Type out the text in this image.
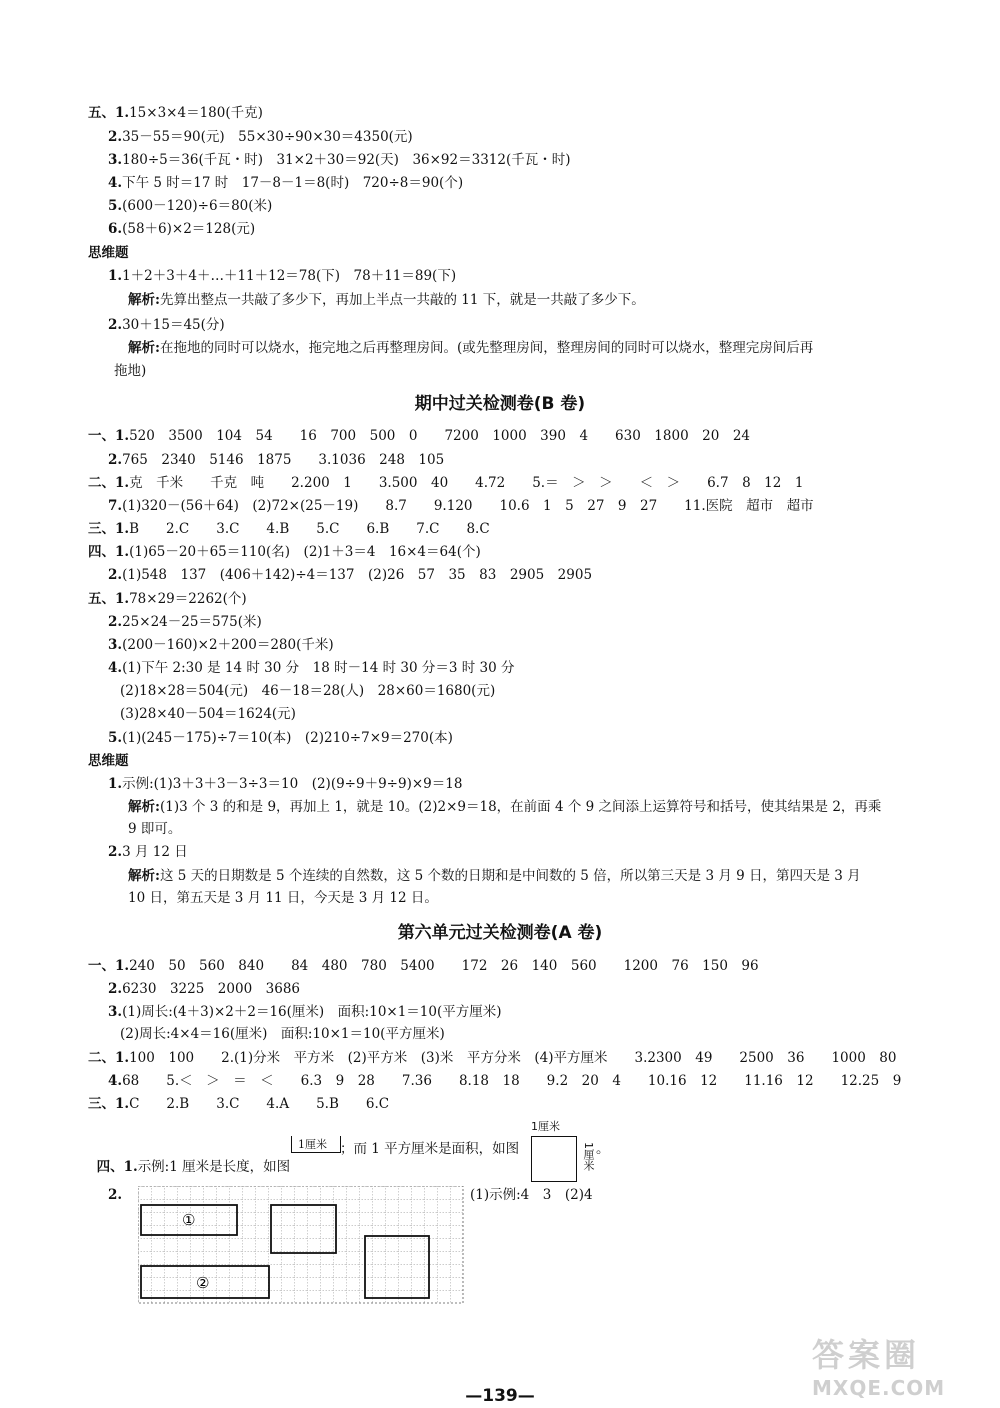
五、1.15×3×4＝180(千克)
2.35－55＝90(元)　55×30÷90×30＝4350(元)
3.180÷5＝36(千瓦・时)　31×2＋30＝92(天)　36×92＝3312(千瓦・时)
4.下午 5 时＝17 时　17－8－1＝8(时)　720÷8＝90(个)
5.(600－120)÷6＝80(米)
6.(58＋6)×2＝128(元)
思维题
1.1＋2＋3＋4＋…＋11＋12＝78(下)　78＋11＝89(下)
解析:先算出整点一共敲了多少下，再加上半点一共敲的 11 下，就是一共敲了多少下。
2.30＋15＝45(分)
解析:在拖地的同时可以烧水，拖完地之后再整理房间。(或先整理房间，整理房间的同时可以烧水，整理完房间后再
拖地)
期中过关检测卷(B 卷)
一、1.520　3500　104　54　　16　700　500　0　　7200　1000　390　4　　630　1800　20　24
2.765　2340　5146　1875　　3.1036　248　105
二、1.克　千米　　千克　吨　　2.200　1　　3.500　40　　4.72　　5.＝　＞　＞　　＜　＞　　6.7　8　12　1
7.(1)320－(56＋64)　(2)72×(25－19)　　8.7　　9.120　　10.6　1　5　27　9　27　　11.医院　超市　超市
三、1.B　　2.C　　3.C　　4.B　　5.C　　6.B　　7.C　　8.C
四、1.(1)65－20＋65＝110(名)　(2)1＋3＝4　16×4＝64(个)
2.(1)548　137　(406＋142)÷4＝137　(2)26　57　35　83　2905　2905
五、1.78×29＝2262(个)
2.25×24－25＝575(米)
3.(200－160)×2＋200＝280(千米)
4.(1)下午 2:30 是 14 时 30 分　18 时－14 时 30 分＝3 时 30 分
(2)18×28＝504(元)　46－18＝28(人)　28×60＝1680(元)
(3)28×40－504＝1624(元)
5.(1)(245－175)÷7＝10(本)　(2)210÷7×9＝270(本)
思维题
1.示例:(1)3＋3＋3－3÷3＝10　(2)(9÷9＋9÷9)×9＝18
解析:(1)3 个 3 的和是 9，再加上 1，就是 10。(2)2×9＝18，在前面 4 个 9 之间添上运算符号和括号，使其结果是 2，再乘
9 即可。
2.3 月 12 日
解析:这 5 天的日期数是 5 个连续的自然数，这 5 个数的日期和是中间数的 5 倍，所以第三天是 3 月 9 日，第四天是 3 月
10 日，第五天是 3 月 11 日，今天是 3 月 12 日。
第六单元过关检测卷(A 卷)
一、1.240　50　560　840　　84　480　780　5400　　172　26　140　560　　1200　76　150　96
2.6230　3225　2000　3686
3.(1)周长:(4＋3)×2＋2＝16(厘米)　面积:10×1＝10(平方厘米)
(2)周长:4×4＝16(厘米)　面积:10×1＝10(平方厘米)
二、1.100　100　　2.(1)分米　平方米　(2)平方米　(3)米　平方分米　(4)平方厘米　　3.2300　49　　2500　36　　1000　80
4.68　　5.＜　＞　＝　＜　　6.3　9　28　　7.36　　8.18　18　　9.2　20　4　　10.16　12　　11.16　12　　12.25　9
三、1.C　　2.B　　3.C　　4.A　　5.B　　6.C

四、1.示例:1 厘米是长度，如图

1厘米 ；而 1 平方厘米是面积，如图
1厘米
1厘米 。
2.
①
②
(1)示例:4　3　(2)4
—139—
答案圈
MXQE.COM
